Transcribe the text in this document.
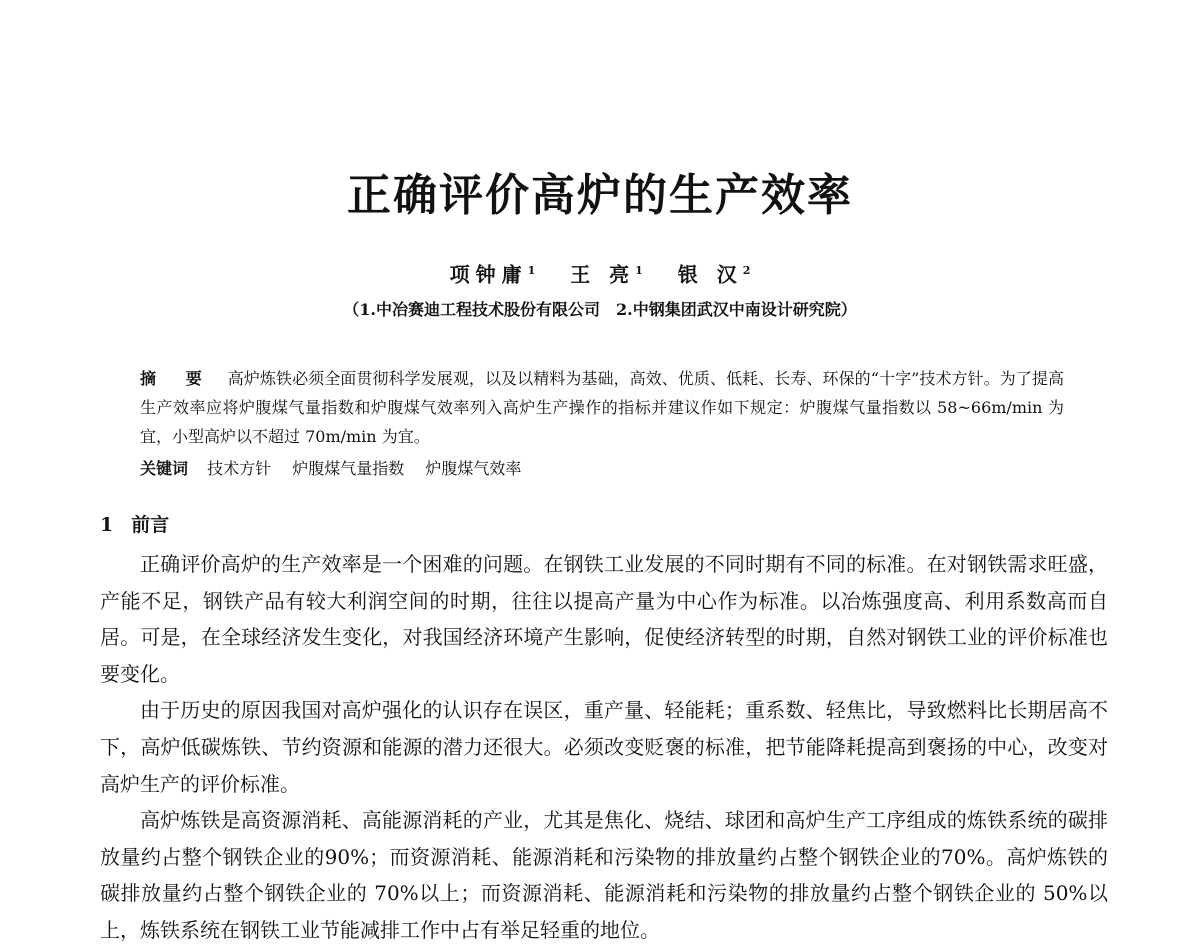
正确评价高炉的生产效率
项钟庸$^1$ 王 亮$^1$ 银 汉$^2$
（1.中冶赛迪工程技术股份有限公司　2.中钢集团武汉中南设计研究院）
摘 要 高炉炼铁必须全面贯彻科学发展观，以及以精料为基础，高效、优质、低耗、长寿、环保的“十字”技术方针。为了提高生产效率应将炉腹煤气量指数和炉腹煤气效率列入高炉生产操作的指标并建议作如下规定：炉腹煤气量指数以 58~66m/min 为宜，小型高炉以不超过 70m/min 为宜。
关键词 技术方针 炉腹煤气量指数 炉腹煤气效率
1 前言

正确评价高炉的生产效率是一个困难的问题。在钢铁工业发展的不同时期有不同的标准。在对钢铁需求旺盛，产能不足，钢铁产品有较大利润空间的时期，往往以提高产量为中心作为标准。以冶炼强度高、利用系数高而自居。可是，在全球经济发生变化，对我国经济环境产生影响，促使经济转型的时期，自然对钢铁工业的评价标准也要变化。

由于历史的原因我国对高炉强化的认识存在误区，重产量、轻能耗；重系数、轻焦比，导致燃料比长期居高不下，高炉低碳炼铁、节约资源和能源的潜力还很大。必须改变贬褒的标准，把节能降耗提高到褒扬的中心，改变对高炉生产的评价标准。

高炉炼铁是高资源消耗、高能源消耗的产业，尤其是焦化、烧结、球团和高炉生产工序组成的炼铁系统的碳排放量约占整个钢铁企业的90%；而资源消耗、能源消耗和污染物的排放量约占整个钢铁企业的70%。高炉炼铁的碳排放量约占整个钢铁企业的 70%以上；而资源消耗、能源消耗和污染物的排放量约占整个钢铁企业的 50%以上，炼铁系统在钢铁工业节能减排工作中占有举足轻重的地位。
